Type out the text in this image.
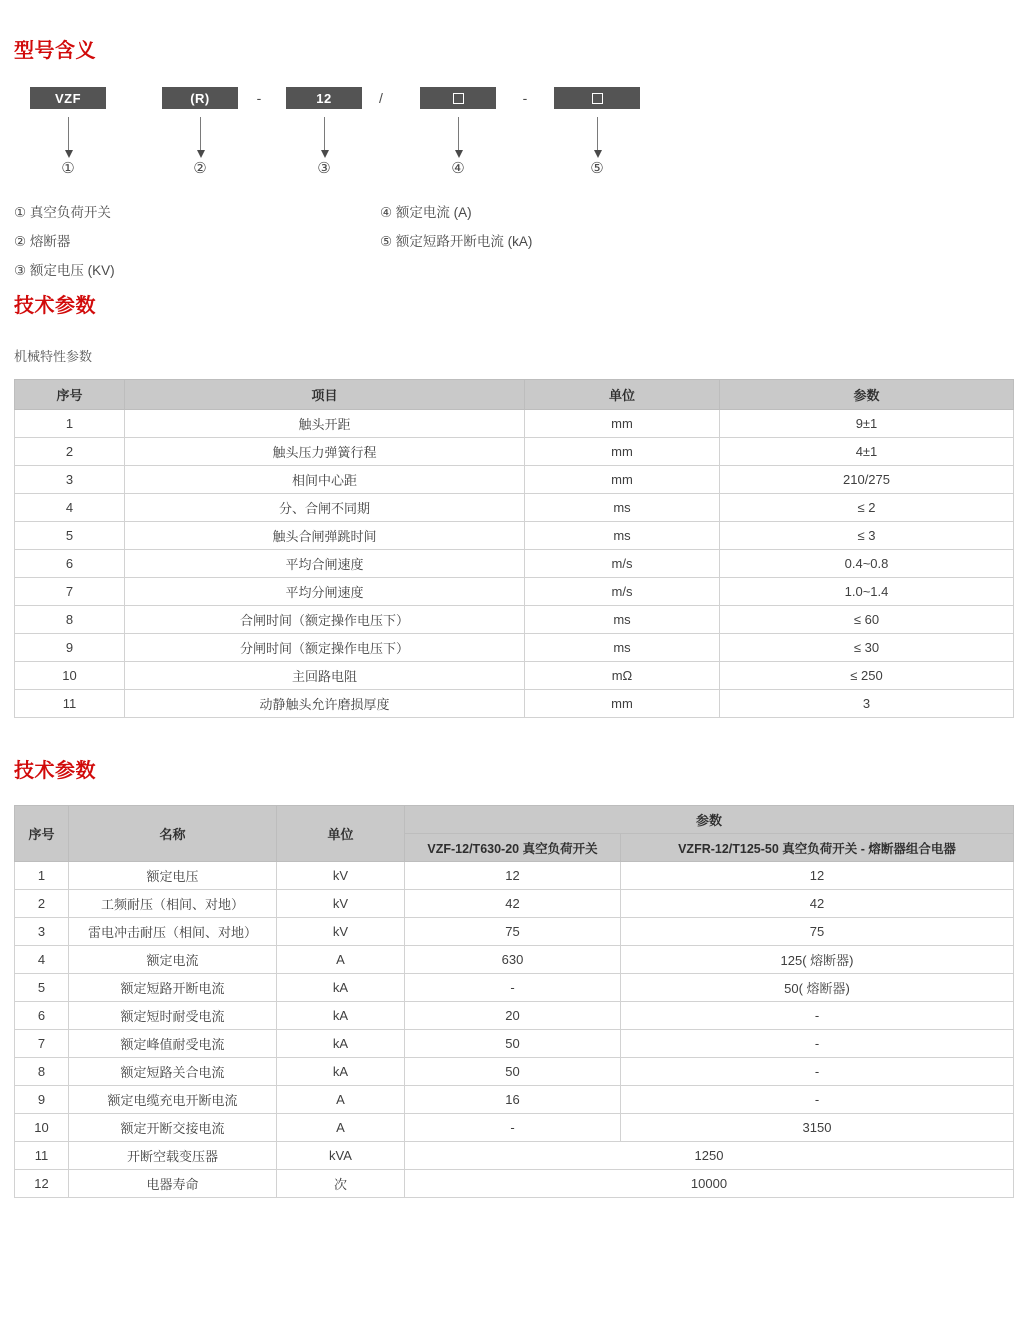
型号含义
VZF	(R)	-	12	/	-
①	②	③	④	⑤
① 真空负荷开关
② 熔断器
③ 额定电压 (KV)
④ 额定电流 (A)
⑤ 额定短路开断电流 (kA)
技术参数
机械特性参数
序号	项目	单位	参数
1	触头开距	mm	9±1
2	触头压力弹簧行程	mm	4±1
3	相间中心距	mm	210/275
4	分、合闸不同期	ms	≤ 2
5	触头合闸弹跳时间	ms	≤ 3
6	平均合闸速度	m/s	0.4~0.8
7	平均分闸速度	m/s	1.0~1.4
8	合闸时间（额定操作电压下）	ms	≤ 60
9	分闸时间（额定操作电压下）	ms	≤ 30
10	主回路电阻	mΩ	≤ 250
11	动静触头允许磨损厚度	mm	3
技术参数
序号	名称	单位	参数	
			VZF-12/T630-20 真空负荷开关	VZFR-12/T125-50 真空负荷开关 - 熔断器组合电器
1	额定电压	kV	12	12
2	工频耐压（相间、对地）	kV	42	42
3	雷电冲击耐压（相间、对地）	kV	75	75
4	额定电流	A	630	125( 熔断器)
5	额定短路开断电流	kA	-	50( 熔断器)
6	额定短时耐受电流	kA	20	-
7	额定峰值耐受电流	kA	50	-
8	额定短路关合电流	kA	50	-
9	额定电缆充电开断电流	A	16	-
10	额定开断交接电流	A	-	3150
11	开断空载变压器	kVA	1250	
12	电器寿命	次	10000	
